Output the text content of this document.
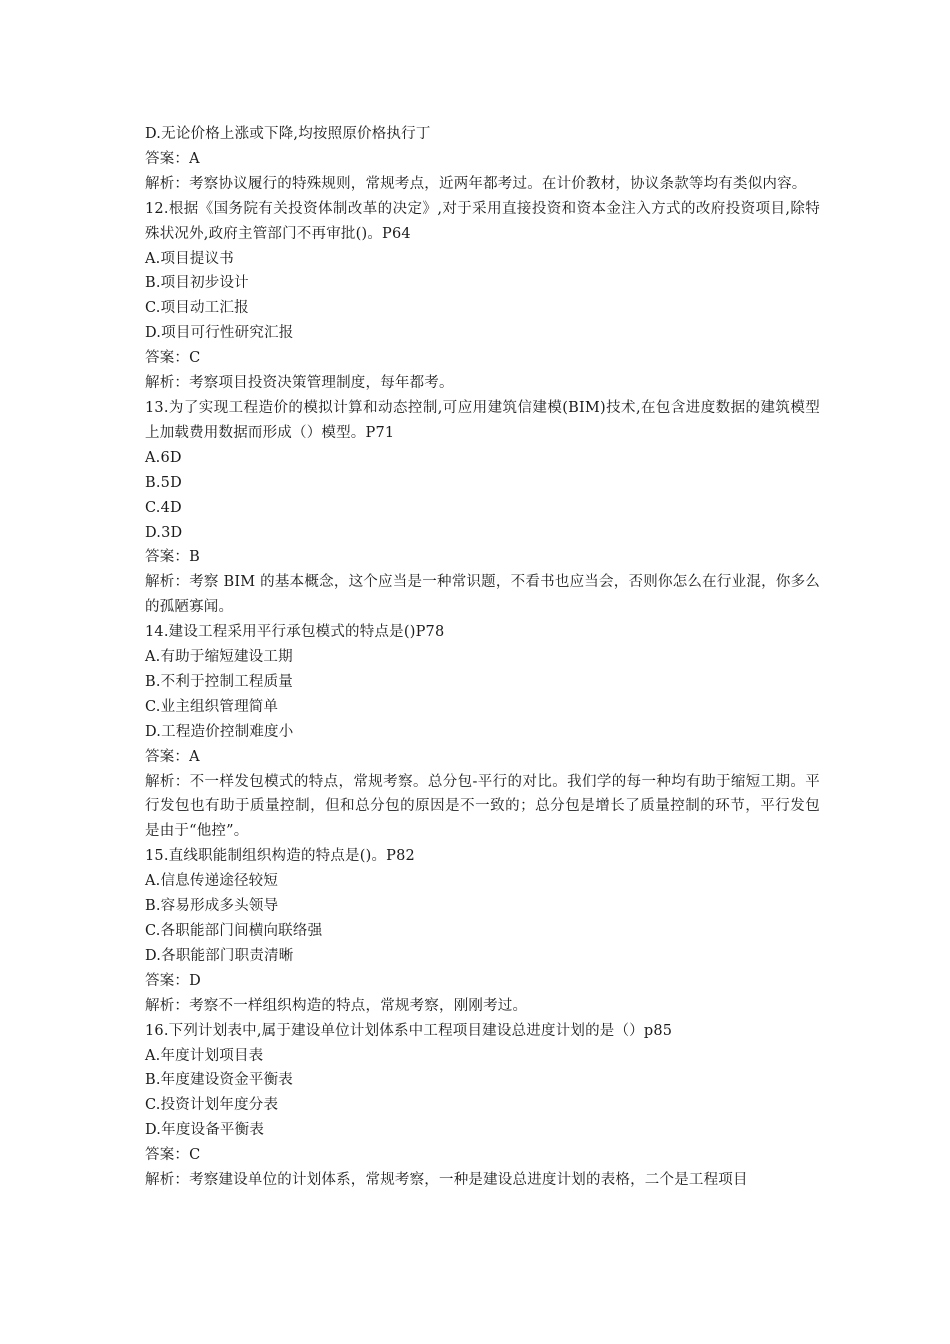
D.无论价格上涨或下降,均按照原价格执行丁

答案：A

解析：考察协议履行的特殊规则，常规考点，近两年都考过。在计价教材，协议条款等均有类似内容。

12.根据《国务院有关投资体制改革的决定》,对于采用直接投资和资本金注入方式的改府投资项目,除特殊状况外,政府主管部门不再审批()。P64

A.项目提议书

B.项目初步设计

C.项目动工汇报

D.项目可行性研究汇报

答案：C

解析：考察项目投资决策管理制度，每年都考。

13.为了实现工程造价的模拟计算和动态控制,可应用建筑信建模(BIM)技术,在包含进度数据的建筑模型上加载费用数据而形成（）模型。P71

A.6D

B.5D

C.4D

D.3D

答案：B

解析：考察 BIM 的基本概念，这个应当是一种常识题，不看书也应当会，否则你怎么在行业混，你多么的孤陋寡闻。

14.建设工程采用平行承包模式的特点是()P78

A.有助于缩短建设工期

B.不利于控制工程质量

C.业主组织管理简单

D.工程造价控制难度小

答案：A

解析：不一样发包模式的特点，常规考察。总分包-平行的对比。我们学的每一种均有助于缩短工期。平行发包也有助于质量控制，但和总分包的原因是不一致的；总分包是增长了质量控制的环节，平行发包是由于“他控”。

15.直线职能制组织构造的特点是()。P82

A.信息传递途径较短

B.容易形成多头领导

C.各职能部门间横向联络强

D.各职能部门职责清晰

答案：D

解析：考察不一样组织构造的特点，常规考察，刚刚考过。

16.下列计划表中,属于建设单位计划体系中工程项目建设总进度计划的是（）p85

A.年度计划项目表

B.年度建设资金平衡表

C.投资计划年度分表

D.年度设备平衡表

答案：C

解析：考察建设单位的计划体系，常规考察，一种是建设总进度计划的表格，二个是工程项目
